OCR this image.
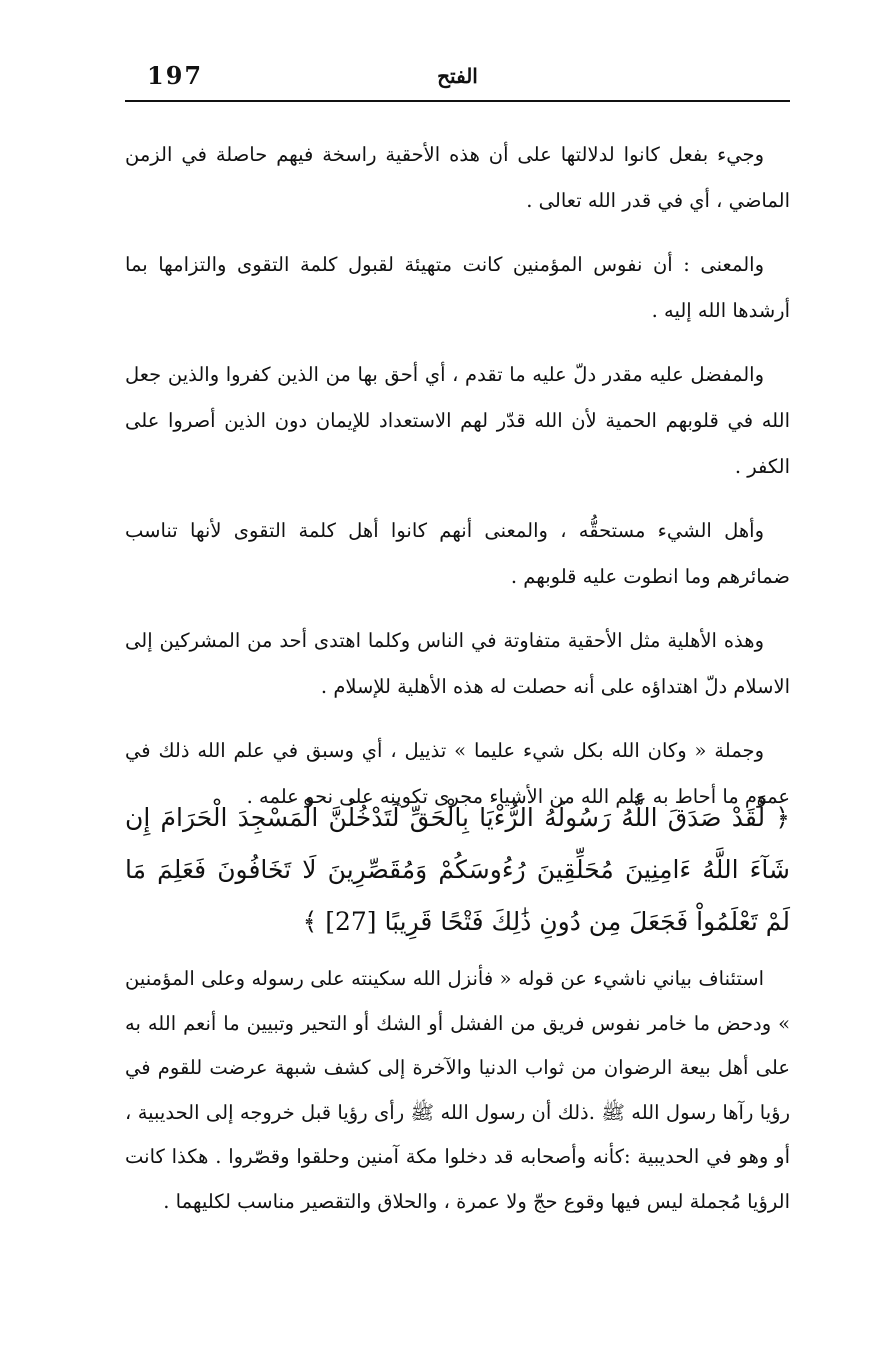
197	الفتح

وجيء بفعل كانوا لدلالتها على أن هذه الأحقية راسخة فيهم حاصلة في الزمن الماضي ، أي في قدر الله تعالى .

والمعنى : أن نفوس المؤمنين كانت متهيئة لقبول كلمة التقوى والتزامها بما أرشدها الله إليه .

والمفضل عليه مقدر دلّ عليه ما تقدم ، أي أحق بها من الذين كفروا والذين جعل الله في قلوبهم الحمية لأن الله قدّر لهم الاستعداد للإيمان دون الذين أصروا على الكفر .

وأهل الشيء مستحقُّه ، والمعنى أنهم كانوا أهل كلمة التقوى لأنها تناسب ضمائرهم وما انطوت عليه قلوبهم .

وهذه الأهلية مثل الأحقية متفاوتة في الناس وكلما اهتدى أحد من المشركين إلى الاسلام دلّ اهتداؤه على أنه حصلت له هذه الأهلية للإسلام .

وجملة « وكان الله بكل شيء عليما » تذييل ، أي وسبق في علم الله ذلك في عموم ما أحاط به علم الله من الأشياء مجرى تكوينه على نحو علمه .

﴿ لَّقَدْ صَدَقَ اللَّهُ رَسُولَهُ الرُّءْيَا بِالْحَقِّ لَتَدْخُلُنَّ الْمَسْجِدَ الْحَرَامَ إِن شَآءَ اللَّهُ ءَامِنِينَ مُحَلِّقِينَ رُءُوسَكُمْ وَمُقَصِّرِينَ لَا تَخَافُونَ فَعَلِمَ مَا لَمْ تَعْلَمُواْ فَجَعَلَ مِن دُونِ ذَٰلِكَ فَتْحًا قَرِيبًا [27] ﴾

استئناف بياني ناشيء عن قوله « فأنزل الله سكينته على رسوله وعلى المؤمنين » ودحض ما خامر نفوس فريق من الفشل أو الشك أو التحير وتبيين ما أنعم الله به على أهل بيعة الرضوان من ثواب الدنيا والآخرة إلى كشف شبهة عرضت للقوم في رؤيا رآها رسول الله ﷺ .ذلك أن رسول الله ﷺ رأى رؤيا قبل خروجه إلى الحديبية ، أو وهو في الحديبية :كأنه وأصحابه قد دخلوا مكة آمنين وحلقوا وقصّروا . هكذا كانت الرؤيا مُجملة ليس فيها وقوع حجّ ولا عمرة ، والحلاق والتقصير مناسب لكليهما .
